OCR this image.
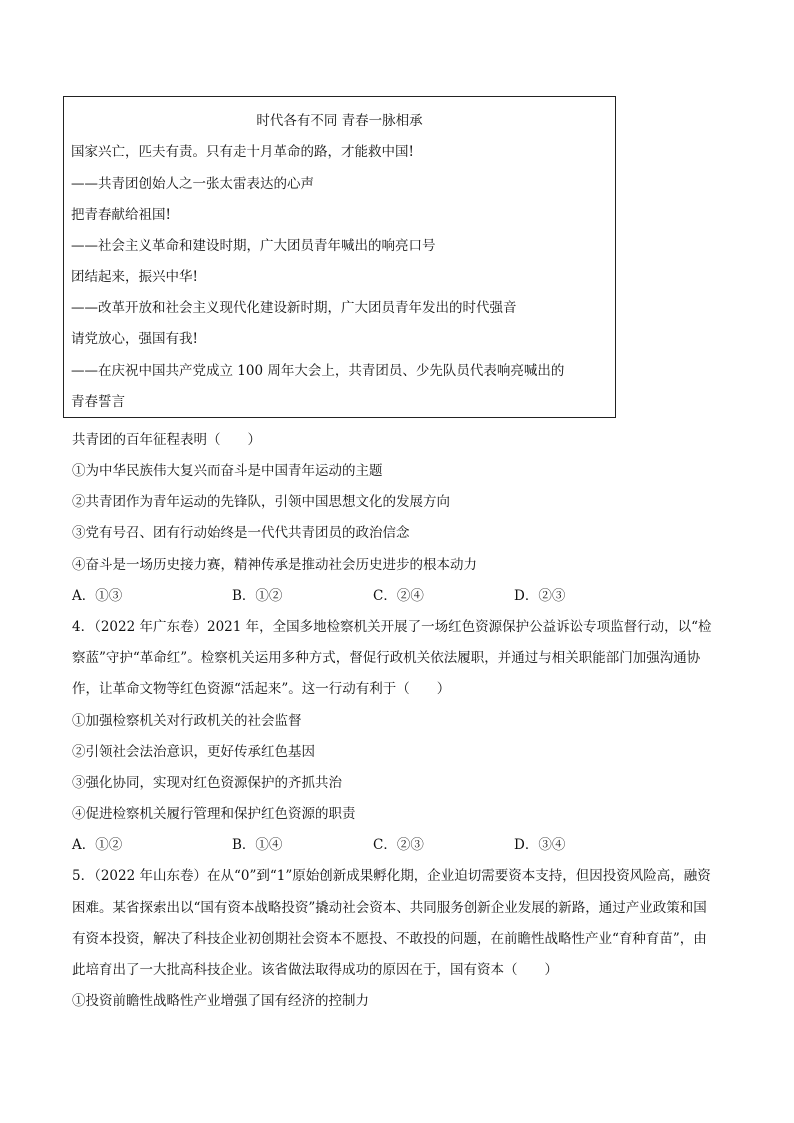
时代各有不同 青春一脉相承
国家兴亡，匹夫有责。只有走十月革命的路，才能救中国!
——共青团创始人之一张太雷表达的心声
把青春献给祖国!
——社会主义革命和建设时期，广大团员青年喊出的响亮口号
团结起来，振兴中华!
——改革开放和社会主义现代化建设新时期，广大团员青年发出的时代强音
请党放心，强国有我!
——在庆祝中国共产党成立 100 周年大会上，共青团员、少先队员代表响亮喊出的
青春誓言
共青团的百年征程表明（　　）
①为中华民族伟大复兴而奋斗是中国青年运动的主题
②共青团作为青年运动的先锋队，引领中国思想文化的发展方向
③党有号召、团有行动始终是一代代共青团员的政治信念
④奋斗是一场历史接力赛，精神传承是推动社会历史进步的根本动力
A．①③	B．①②	C．②④	D．②③
4．（2022 年广东卷）2021 年，全国多地检察机关开展了一场红色资源保护公益诉讼专项监督行动，以“检
察蓝”守护“革命红”。检察机关运用多种方式，督促行政机关依法履职，并通过与相关职能部门加强沟通协
作，让革命文物等红色资源“活起来”。这一行动有利于（　　）
①加强检察机关对行政机关的社会监督
②引领社会法治意识，更好传承红色基因
③强化协同，实现对红色资源保护的齐抓共治
④促进检察机关履行管理和保护红色资源的职责
A．①②	B．①④	C．②③	D．③④
5．（2022 年山东卷）在从“0”到“1”原始创新成果孵化期，企业迫切需要资本支持，但因投资风险高，融资
困难。某省探索出以“国有资本战略投资”撬动社会资本、共同服务创新企业发展的新路，通过产业政策和国
有资本投资，解决了科技企业初创期社会资本不愿投、不敢投的问题，在前瞻性战略性产业“育种育苗”，由
此培育出了一大批高科技企业。该省做法取得成功的原因在于，国有资本（　　）
①投资前瞻性战略性产业增强了国有经济的控制力
